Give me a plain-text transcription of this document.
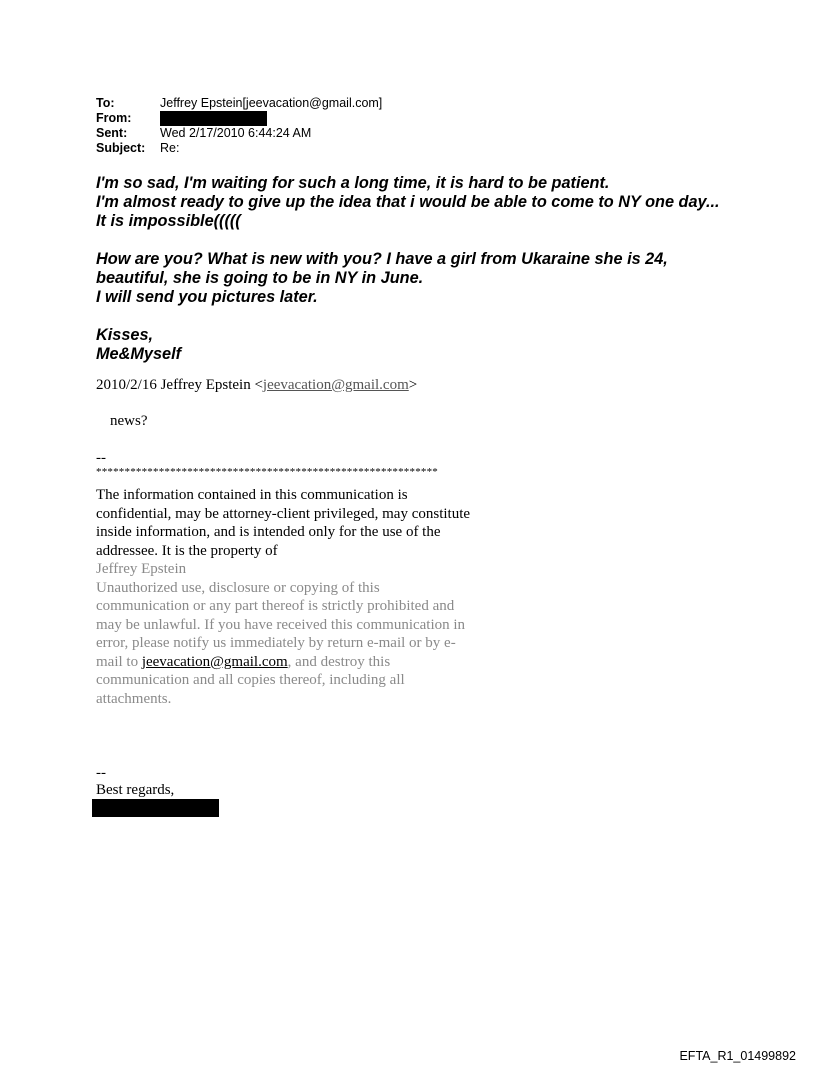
To:	Jeffrey Epstein[jeevacation@gmail.com]
From:
Sent:	Wed 2/17/2010 6:44:24 AM
Subject:	Re:

I'm so sad, I'm waiting for such a long time, it is hard to be patient.

I'm almost ready to give up the idea that i would be able to come to NY one day...

It is impossible(((((

How are you? What is new with you? I have a girl from Ukaraine she is 24,

beautiful, she is going to be in NY in June.

I will send you pictures later.

Kisses,

Me&Myself

2010/2/16 Jeffrey Epstein <jeevacation@gmail.com>
news?
--
************************************************************
The information contained in this communication is confidential, may be attorney-client privileged, may constitute inside information, and is intended only for the use of the addressee. It is the property of
Jeffrey Epstein
Unauthorized use, disclosure or copying of this communication or any part thereof is strictly prohibited and may be unlawful. If you have received this communication in error, please notify us immediately by return e-mail or by e-mail to jeevacation@gmail.com, and destroy this communication and all copies thereof, including all attachments.
--
Best regards,
EFTA_R1_01499892
